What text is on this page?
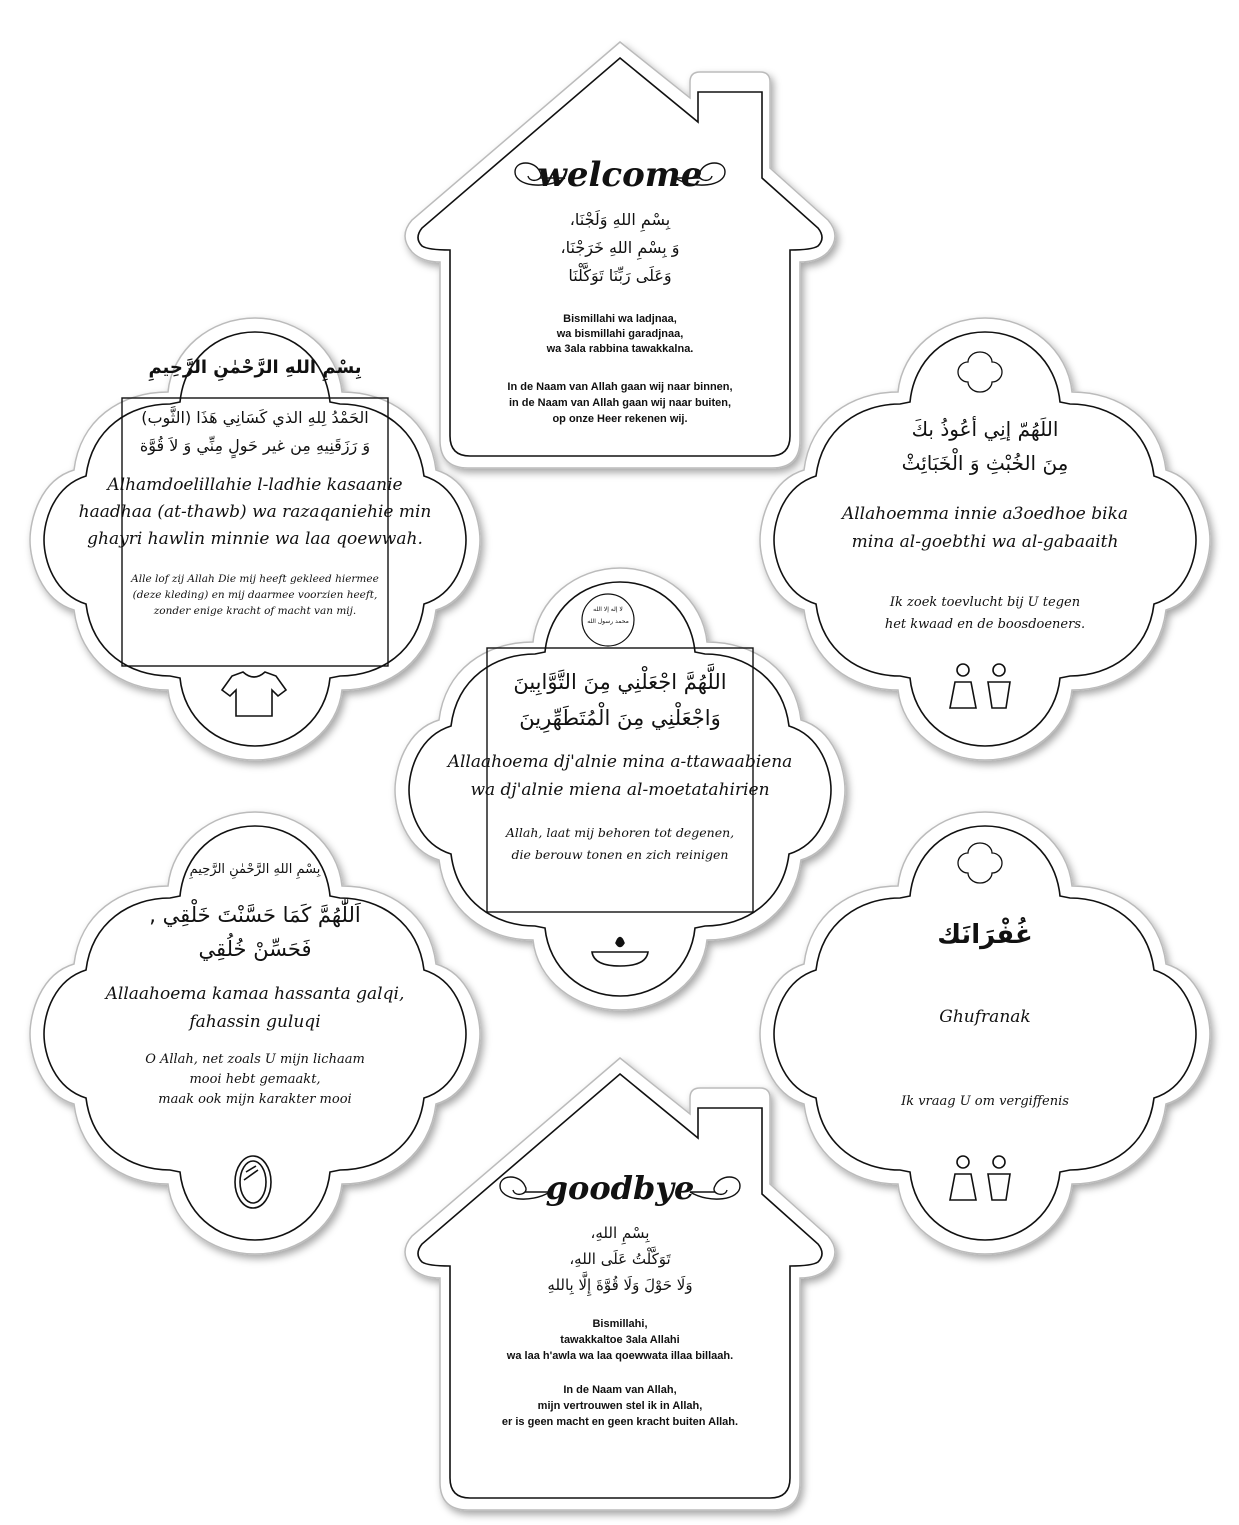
welcome
بِسْمِ اللهِ وَلَجْنَا،
وَ بِسْمِ اللهِ خَرَجْنَا،
وَعَلَى رَبِّنَا تَوَكَّلْنَا
Bismillahi wa ladjnaa,
wa bismillahi garadjnaa,
wa 3ala rabbina tawakkalna.
In de Naam van Allah gaan wij naar binnen,
in de Naam van Allah gaan wij naar buiten,
op onze Heer rekenen wij.
بِسْمِ اللهِ الرَّحْمٰنِ الرَّحِيمِ
الحَمْدُ لِلهِ الذي كَسَانِي هَذَا (الثَّوب)
وَ رَزَقَنِيهِ مِن غير حَولٍ مِنِّي وَ لاَ قُوَّة
Alhamdoelillahie l-ladhie kasaanie
haadhaa (at-thawb) wa razaqaniehie min
ghayri hawlin minnie wa laa qoewwah.
Alle lof zij Allah Die mij heeft gekleed hiermee
(deze kleding) en mij daarmee voorzien heeft,
zonder enige kracht of macht van mij.
اللَهُمّ إنِي أعُوذُ بكَ
مِنَ الخُبْثِ وَ الْخَبَائِثْ
Allahoemma innie a3oedhoe bika
mina al-goebthi wa al-gabaaith
Ik zoek toevlucht bij U tegen
het kwaad en de boosdoeners.
لا إله إلا الله محمد رسول الله
اللَّهُمَّ اجْعَلْنِي مِنَ التَّوَّابِينَ
وَاجْعَلْنِي مِنَ الْمُتَطَهِّرِينَ
Allaahoema dj'alnie mina a-ttawaabiena
wa dj'alnie miena al-moetatahirien
Allah, laat mij behoren tot degenen,
die berouw tonen en zich reinigen
بِسْمِ اللهِ الرَّحْمٰنِ الرَّحِيمِ
اَللّٰهُمَّ كَمَا حَسَّنْتَ خَلْقِي ,
فَحَسِّنْ خُلُقِي
Allaahoema kamaa hassanta galqi,
fahassin guluqi
O Allah, net zoals U mijn lichaam
mooi hebt gemaakt,
maak ook mijn karakter mooi
غُفْرَانَك
Ghufranak
Ik vraag U om vergiffenis
goodbye
بِسْمِ اللهِ،
تَوَكَّلْتُ عَلَى اللهِ،
وَلَا حَوْلَ وَلَا قُوَّةَ إِلَّا بِاللهِ
Bismillahi,
tawakkaltoe 3ala Allahi
wa laa h'awla wa laa qoewwata illaa billaah.
In de Naam van Allah,
mijn vertrouwen stel ik in Allah,
er is geen macht en geen kracht buiten Allah.
